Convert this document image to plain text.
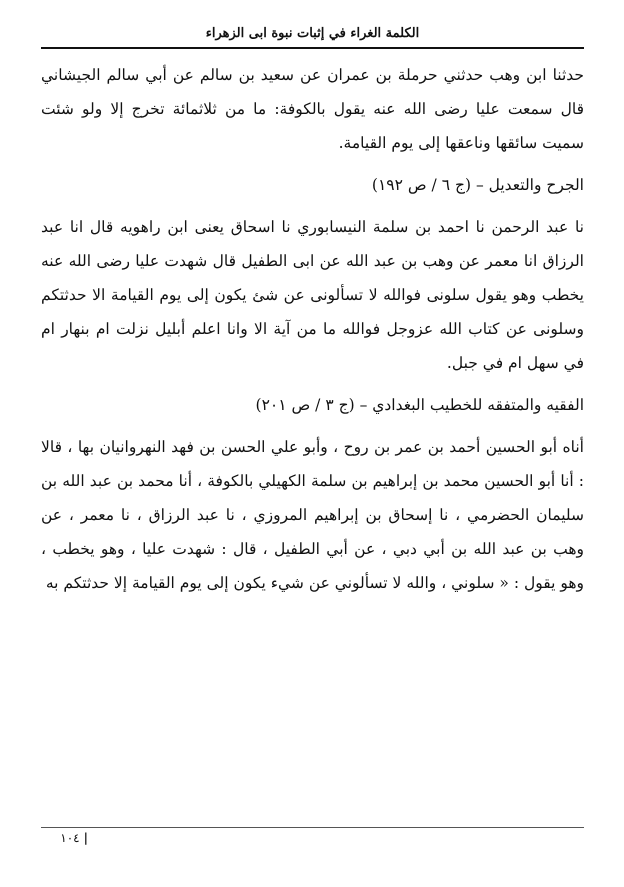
الكلمة الغراء في إثبات نبوة ابى الزهراء

حدثنا ابن وهب حدثني حرملة بن عمران عن سعيد بن سالم عن أبي سالم الجيشاني قال سمعت عليا رضى الله عنه يقول بالكوفة: ما من ثلاثمائة تخرج إلا ولو شئت سميت سائقها وناعقها إلى يوم القيامة.

الجرح والتعديل – (ج ٦ / ص ١٩٢)

نا عبد الرحمن نا احمد بن سلمة النيسابوري نا اسحاق يعنى ابن راهويه قال انا عبد الرزاق انا معمر عن وهب بن عبد الله عن ابى الطفيل قال شهدت عليا رضى الله عنه يخطب وهو يقول سلونى فوالله لا تسألونى عن شئ يكون إلى يوم القيامة الا حدثتكم وسلونى عن كتاب الله عزوجل فوالله ما من آية الا وانا اعلم أبليل نزلت ام بنهار ام في سهل ام في جبل.

الفقيه والمتفقه للخطيب البغدادي – (ج ٣ / ص ٢٠١)

أناه أبو الحسين أحمد بن عمر بن روح ، وأبو علي الحسن بن فهد النهروانيان بها ، قالا : أنا أبو الحسين محمد بن إبراهيم بن سلمة الكهيلي بالكوفة ، أنا محمد بن عبد الله بن سليمان الحضرمي ، نا إسحاق بن إبراهيم المروزي ، نا عبد الرزاق ، نا معمر ، عن وهب بن عبد الله بن أبي دبي ، عن أبي الطفيل ، قال : شهدت عليا ، وهو يخطب ، وهو يقول : « سلوني ، والله لا تسألوني عن شيء يكون إلى يوم القيامة إلا حدثتكم به

|١٠٤
